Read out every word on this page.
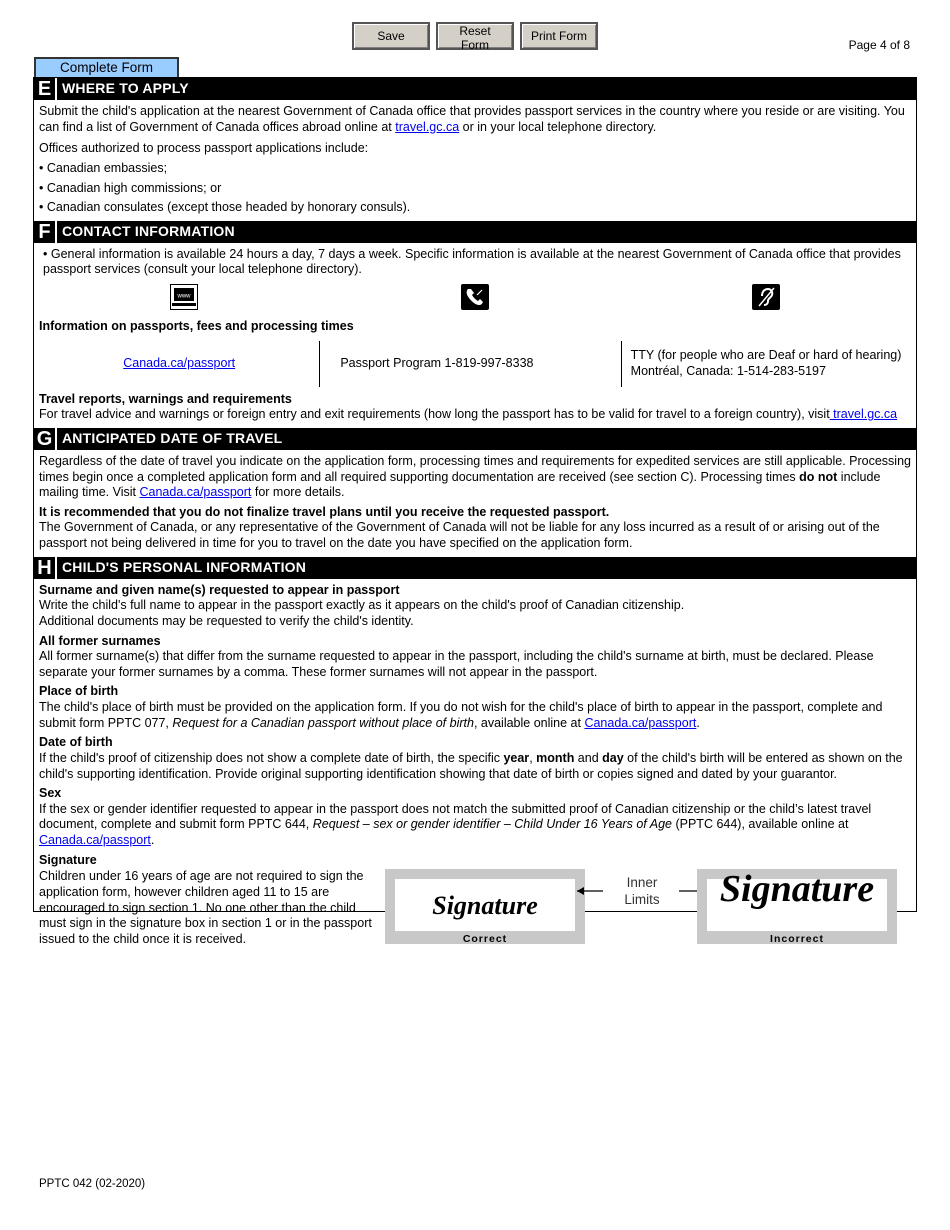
Save	Reset Form
Print Form
Page 4 of 8
Complete Form
E WHERE TO APPLY

Submit the child's application at the nearest Government of Canada office that provides passport services in the country where you reside or are visiting. You can find a list of Government of Canada offices abroad online at travel.gc.ca or in your local telephone directory.

Offices authorized to process passport applications include:

• Canadian embassies;

• Canadian high commissions; or

• Canadian consulates (except those headed by honorary consuls).

F CONTACT INFORMATION

• General information is available 24 hours a day, 7 days a week. Specific information is available at the nearest Government of Canada office that provides passport services (consult your local telephone directory).

www

Information on passports, fees and processing times

Canada.ca/passport	Passport Program 1-819-997-8338
TTY (for people who are Deaf or hard of hearing)
Montréal, Canada: 1-514-283-5197

Travel reports, warnings and requirements

For travel advice and warnings or foreign entry and exit requirements (how long the passport has to be valid for travel to a foreign country), visit travel.gc.ca

G ANTICIPATED DATE OF TRAVEL

Regardless of the date of travel you indicate on the application form, processing times and requirements for expedited services are still applicable. Processing times begin once a completed application form and all required supporting documentation are received (see section C). Processing times do not include mailing time. Visit Canada.ca/passport for more details.

It is recommended that you do not finalize travel plans until you receive the requested passport.

The Government of Canada, or any representative of the Government of Canada will not be liable for any loss incurred as a result of or arising out of the passport not being delivered in time for you to travel on the date you have specified on the application form.

H CHILD'S PERSONAL INFORMATION

Surname and given name(s) requested to appear in passport

Write the child's full name to appear in the passport exactly as it appears on the child's proof of Canadian citizenship.

Additional documents may be requested to verify the child's identity.

All former surnames

All former surname(s) that differ from the surname requested to appear in the passport, including the child's surname at birth, must be declared. Please separate your former surnames by a comma. These former surnames will not appear in the passport.

Place of birth

The child's place of birth must be provided on the application form. If you do not wish for the child's place of birth to appear in the passport, complete and submit form PPTC 077, Request for a Canadian passport without place of birth, available online at Canada.ca/passport.

Date of birth

If the child's proof of citizenship does not show a complete date of birth, the specific year, month and day of the child's birth will be entered as shown on the child's supporting identification. Provide original supporting identification showing that date of birth or copies signed and dated by your guarantor.

Sex

If the sex or gender identifier requested to appear in the passport does not match the submitted proof of Canadian citizenship or the child’s latest travel document, complete and submit form PPTC 644, Request – sex or gender identifier – Child Under 16 Years of Age (PPTC 644), available online at Canada.ca/passport.

Signature

Children under 16 years of age are not required to sign the application form, however children aged 11 to 15 are encouraged to sign section 1. No one other than the child must sign in the signature box in section 1 or in the passport issued to the child once it is received.

Signature
Correct
Inner
Limits Signature
Incorrect
PPTC 042 (02-2020)
